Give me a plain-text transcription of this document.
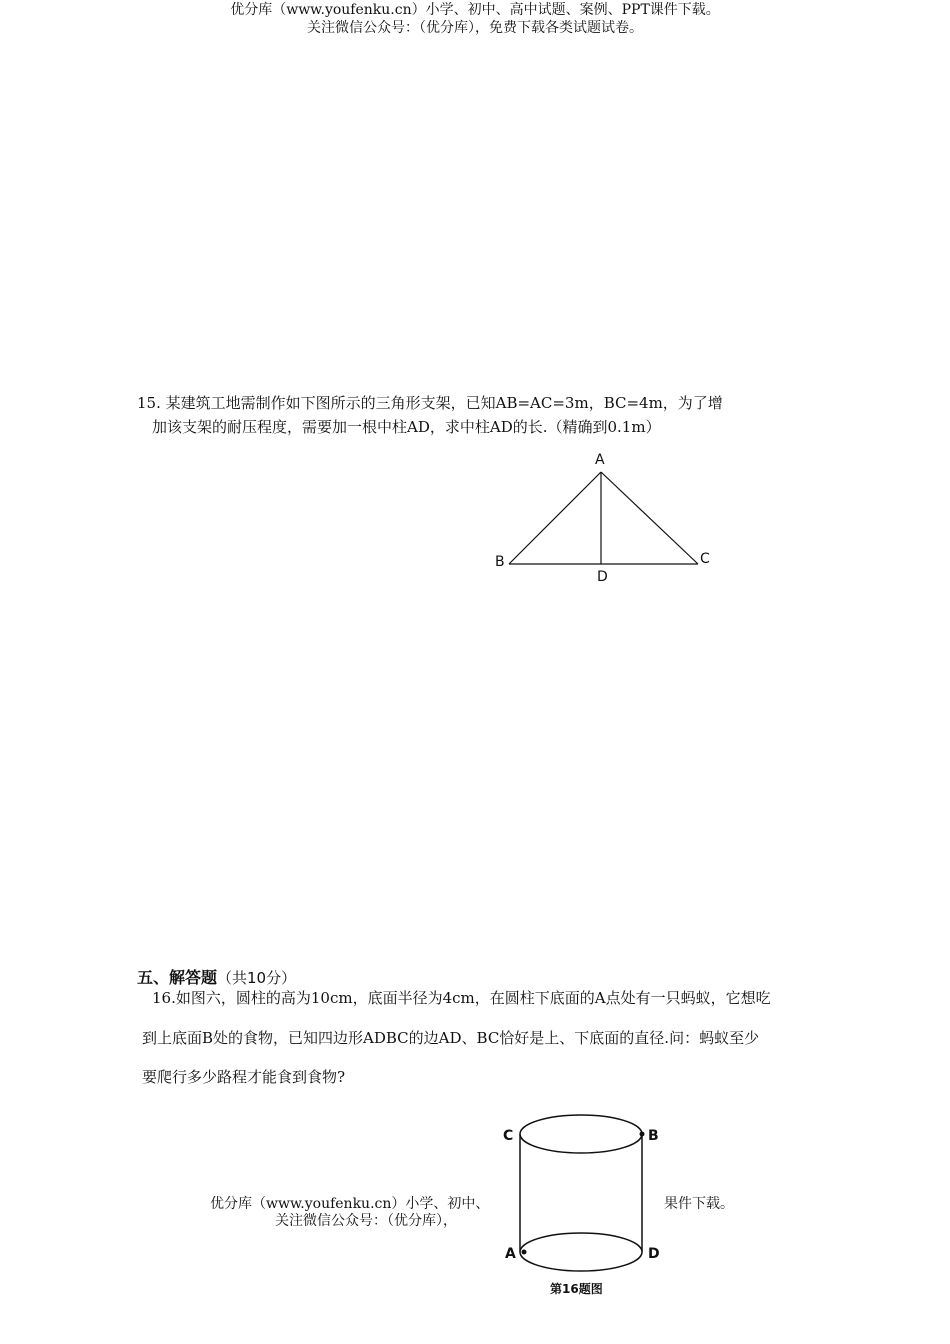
优分库（www.youfenku.cn）小学、初中、高中试题、案例、PPT课件下载。
关注微信公众号：（优分库），免费下载各类试题试卷。
15. 某建筑工地需制作如下图所示的三角形支架，已知AB=AC=3m，BC=4m，为了增
加该支架的耐压程度，需要加一根中柱AD，求中柱AD的长.（精确到0.1m）
A
B	C
D
五、解答题（共10分）
16.如图六，圆柱的高为10cm，底面半径为4cm，在圆柱下底面的A点处有一只蚂蚁，它想吃
到上底面B处的食物，已知四边形ADBC的边AD、BC恰好是上、下底面的直径.问：蚂蚁至少
要爬行多少路程才能食到食物?
优分库（www.youfenku.cn）小学、初中、	果件下载。
关注微信公众号：（优分库），
C	B
A	D
第16题图
